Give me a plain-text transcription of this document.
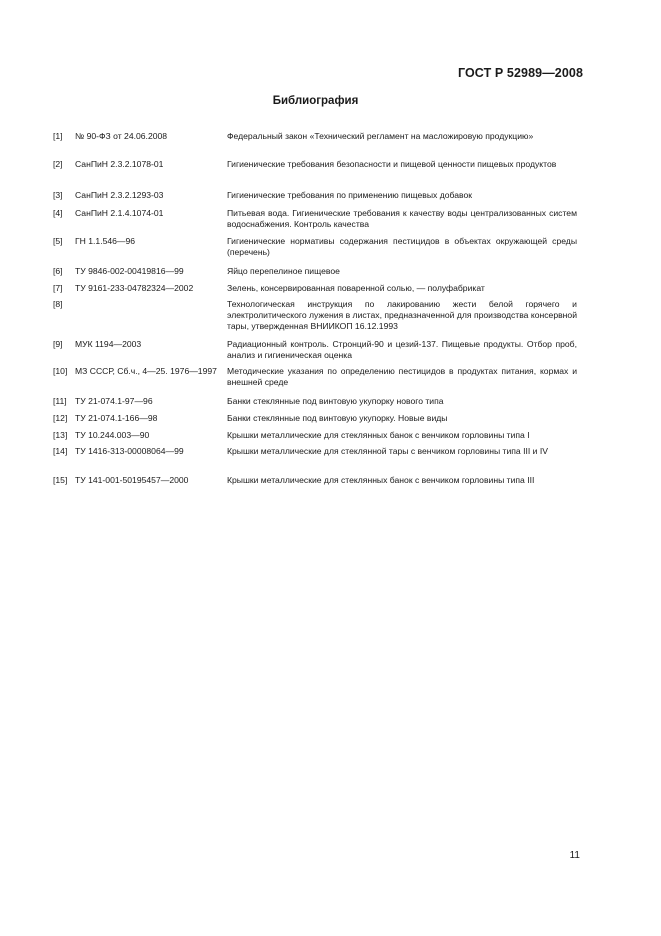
ГОСТ Р 52989—2008
Библиография
[1] № 90-ФЗ от 24.06.2008	Федеральный закон «Технический регламент на масложировую продукцию»
[2] СанПиН 2.3.2.1078-01	Гигиенические требования безопасности и пищевой ценности пищевых продуктов
[3] СанПиН 2.3.2.1293-03	Гигиенические требования по применению пищевых добавок
[4] СанПиН 2.1.4.1074-01	Питьевая вода. Гигиенические требования к качеству воды централизованных систем водоснабжения. Контроль качества
[5] ГН 1.1.546—96	Гигиенические нормативы содержания пестицидов в объектах окружающей среды (перечень)
[6] ТУ 9846-002-00419816—99	Яйцо перепелиное пищевое
[7] ТУ 9161-233-04782324—2002	Зелень, консервированная поваренной солью, — полуфабрикат
[8]	Технологическая инструкция по лакированию жести белой горячего и электролитического лужения в листах, предназначенной для производства консервной тары, утвержденная ВНИИКОП 16.12.1993
[9] МУК 1194—2003	Радиационный контроль. Стронций-90 и цезий-137. Пищевые продукты. Отбор проб, анализ и гигиеническая оценка
[10] МЗ СССР, Сб.ч., 4—25. 1976—1997	Методические указания по определению пестицидов в продуктах питания, кормах и внешней среде
[11] ТУ 21-074.1-97—96	Банки стеклянные под винтовую укупорку нового типа
[12] ТУ 21-074.1-166—98	Банки стеклянные под винтовую укупорку. Новые виды
[13] ТУ 10.244.003—90	Крышки металлические для стеклянных банок с венчиком горловины типа I
[14] ТУ 1416-313-00008064—99	Крышки металлические для стеклянной тары с венчиком горловины типа III и IV
[15] ТУ 141-001-50195457—2000	Крышки металлические для стеклянных банок с венчиком горловины типа III
11
